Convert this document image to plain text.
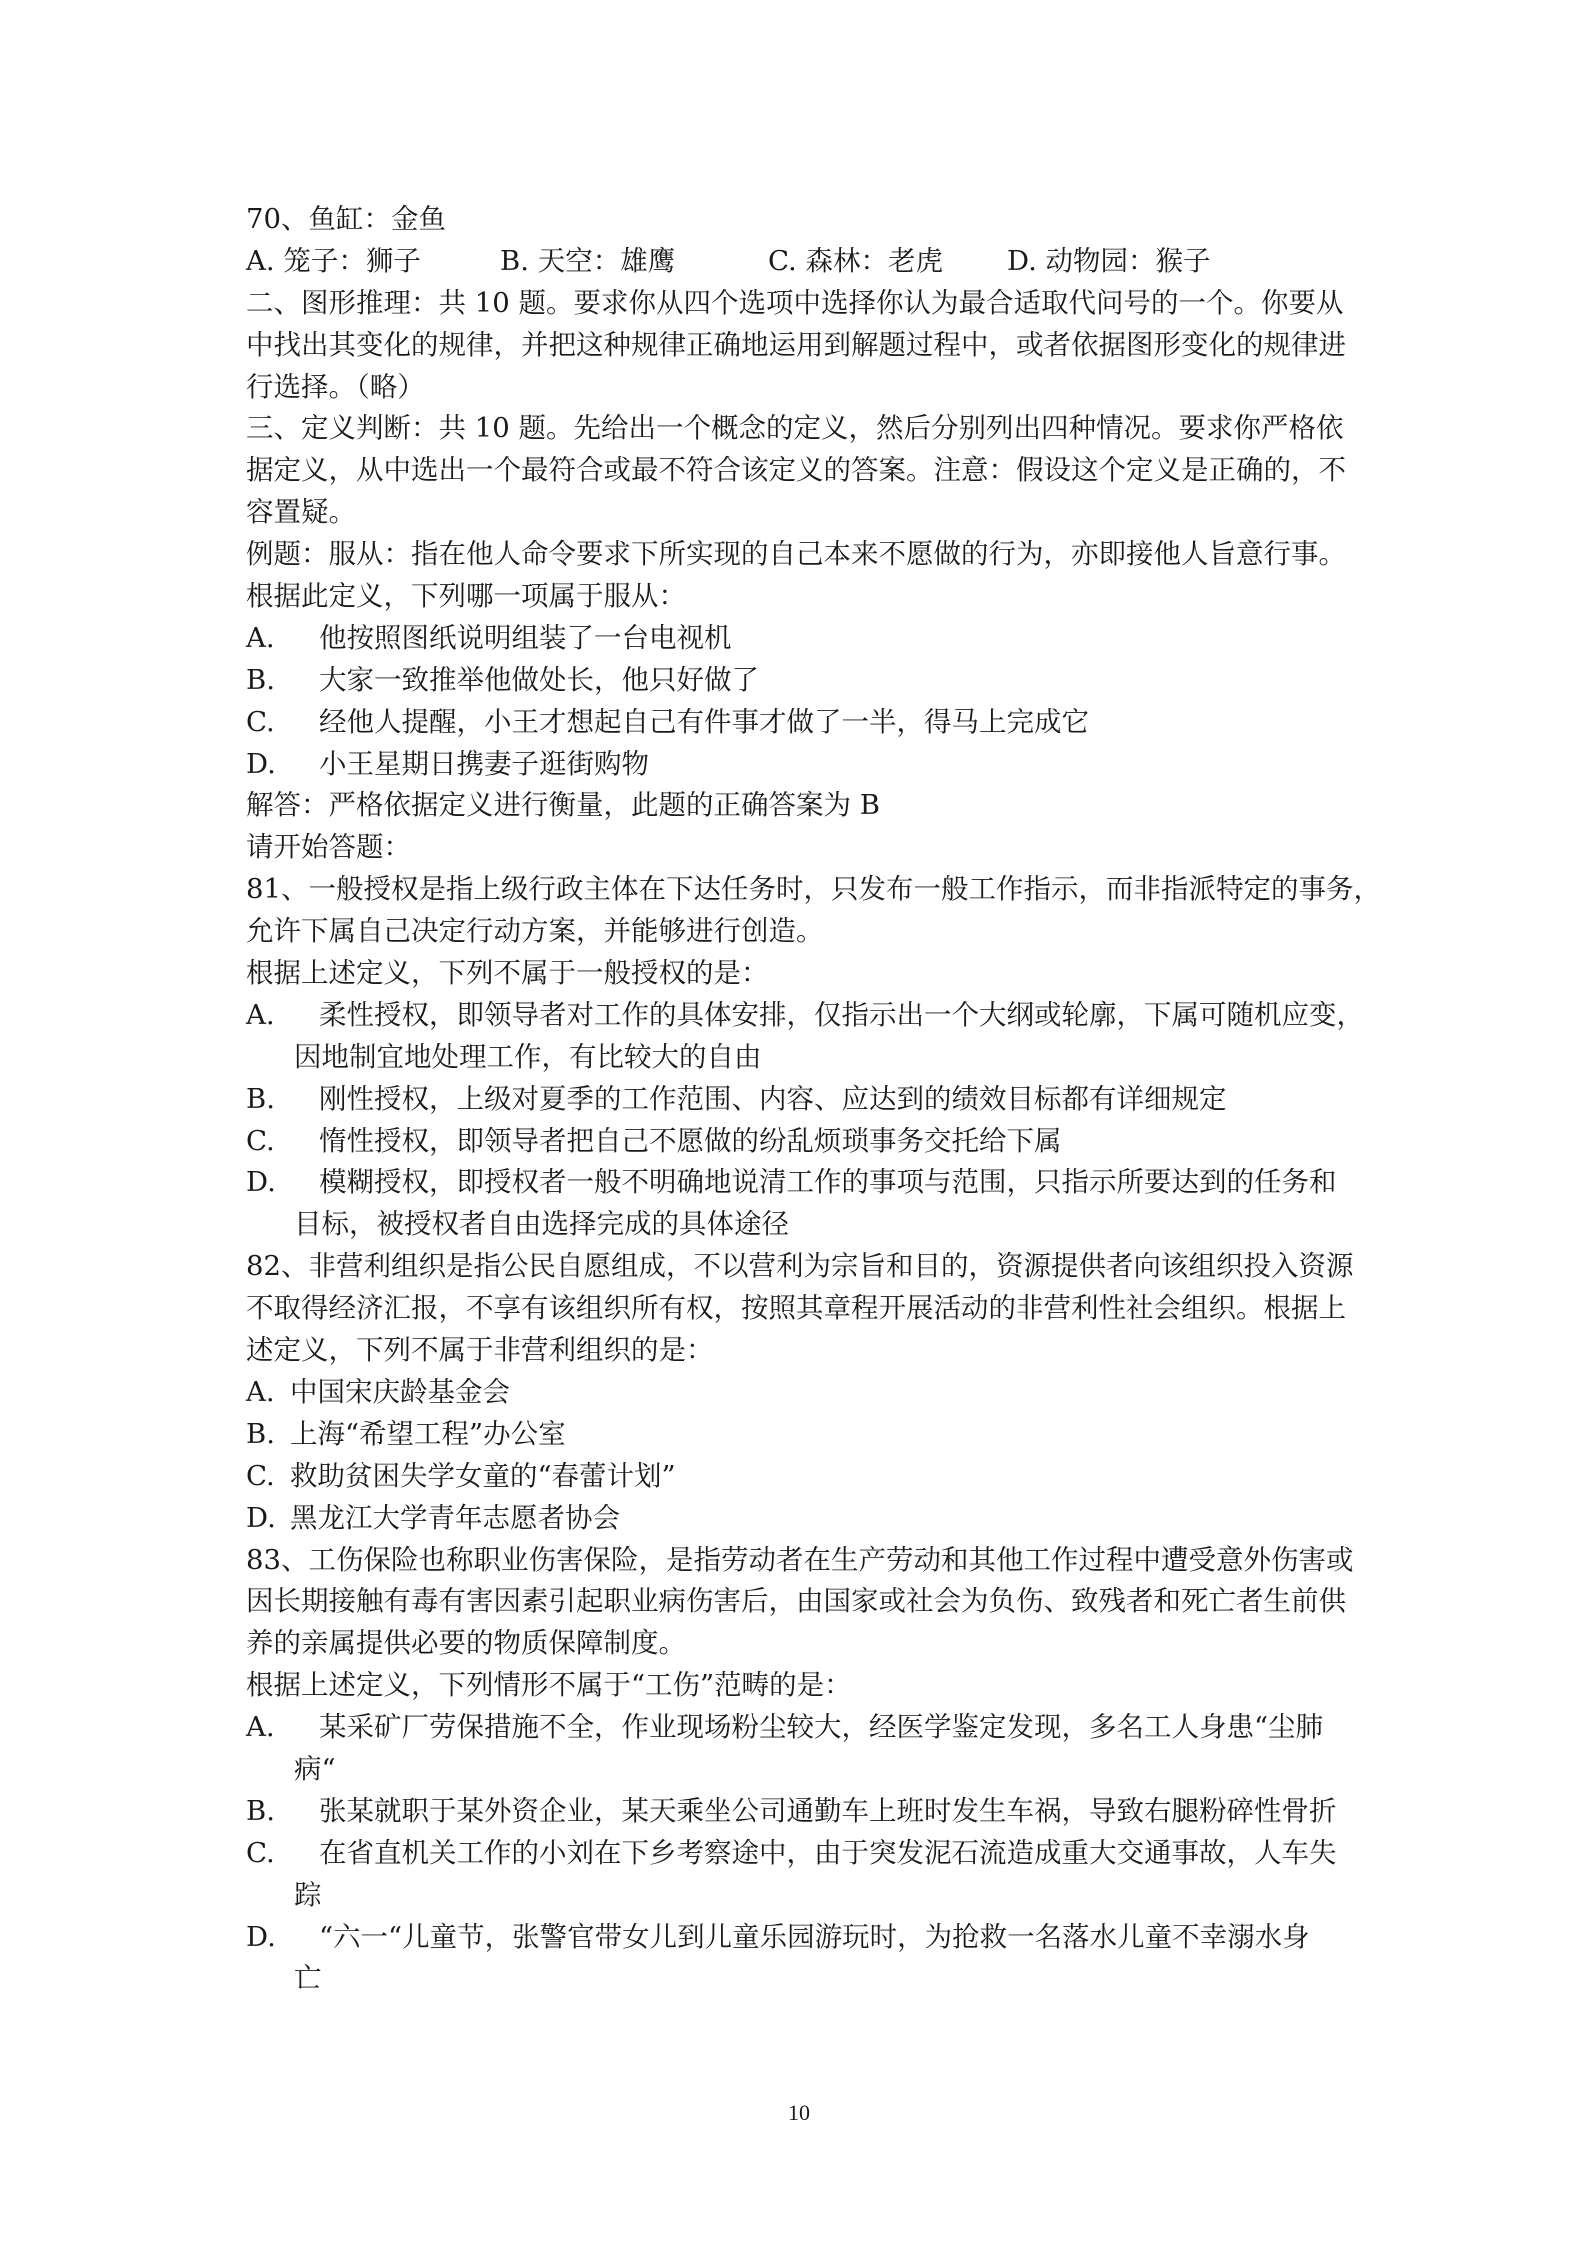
70、鱼缸：金鱼
A. 笼子：狮子	B. 天空：雄鹰	C. 森林：老虎 D. 动物园：猴子
二、图形推理：共 10 题。要求你从四个选项中选择你认为最合适取代问号的一个。你要从
中找出其变化的规律，并把这种规律正确地运用到解题过程中，或者依据图形变化的规律进
行选择。（略）
三、定义判断：共 10 题。先给出一个概念的定义，然后分别列出四种情况。要求你严格依
据定义，从中选出一个最符合或最不符合该定义的答案。注意：假设这个定义是正确的，不
容置疑。
例题：服从：指在他人命令要求下所实现的自己本来不愿做的行为，亦即接他人旨意行事。
根据此定义，下列哪一项属于服从：
A. 他按照图纸说明组装了一台电视机
B. 大家一致推举他做处长，他只好做了
C. 经他人提醒，小王才想起自己有件事才做了一半，得马上完成它
D. 小王星期日携妻子逛街购物
解答：严格依据定义进行衡量，此题的正确答案为 B
请开始答题：
81、一般授权是指上级行政主体在下达任务时，只发布一般工作指示，而非指派特定的事务，
允许下属自己决定行动方案，并能够进行创造。
根据上述定义，下列不属于一般授权的是：
A. 柔性授权，即领导者对工作的具体安排，仅指示出一个大纲或轮廓，下属可随机应变，
因地制宜地处理工作，有比较大的自由
B. 刚性授权，上级对夏季的工作范围、内容、应达到的绩效目标都有详细规定
C. 惰性授权，即领导者把自己不愿做的纷乱烦琐事务交托给下属
D. 模糊授权，即授权者一般不明确地说清工作的事项与范围，只指示所要达到的任务和
目标，被授权者自由选择完成的具体途径
82、非营利组织是指公民自愿组成，不以营利为宗旨和目的，资源提供者向该组织投入资源
不取得经济汇报，不享有该组织所有权，按照其章程开展活动的非营利性社会组织。根据上
述定义，下列不属于非营利组织的是：
A. 中国宋庆龄基金会
B. 上海“希望工程”办公室
C. 救助贫困失学女童的“春蕾计划”
D. 黑龙江大学青年志愿者协会
83、工伤保险也称职业伤害保险，是指劳动者在生产劳动和其他工作过程中遭受意外伤害或
因长期接触有毒有害因素引起职业病伤害后，由国家或社会为负伤、致残者和死亡者生前供
养的亲属提供必要的物质保障制度。
根据上述定义，下列情形不属于“工伤”范畴的是：
A. 某采矿厂劳保措施不全，作业现场粉尘较大，经医学鉴定发现，多名工人身患“尘肺
病“
B. 张某就职于某外资企业，某天乘坐公司通勤车上班时发生车祸，导致右腿粉碎性骨折
C. 在省直机关工作的小刘在下乡考察途中，由于突发泥石流造成重大交通事故，人车失
踪
D. “六一“儿童节，张警官带女儿到儿童乐园游玩时，为抢救一名落水儿童不幸溺水身
亡
10
